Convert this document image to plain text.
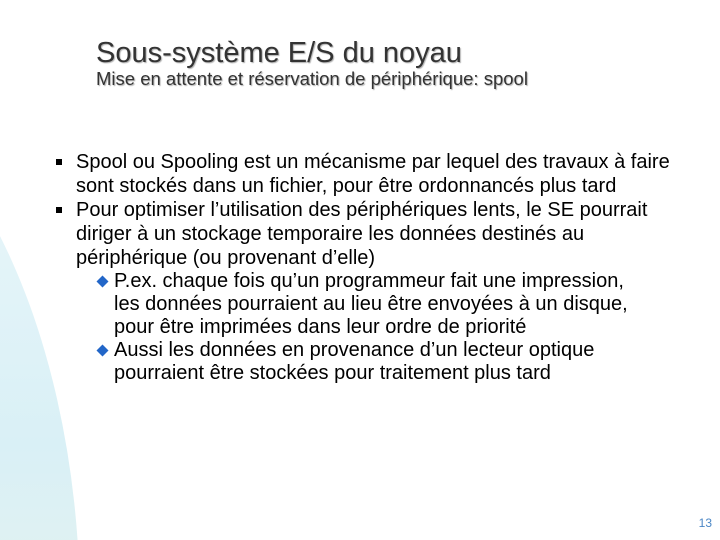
Sous-système E/S du noyau
Mise en attente et réservation de périphérique: spool
Spool ou Spooling est un mécanisme par lequel des travaux à faire sont stockés dans un fichier, pour être ordonnancés plus tard
Pour optimiser l’utilisation des périphériques lents, le SE pourrait diriger à un stockage temporaire les données destinés au périphérique (ou provenant d’elle)
P.ex. chaque fois qu’un programmeur fait une impression, les données pourraient au lieu être envoyées à un disque, pour être imprimées dans leur ordre de priorité
Aussi les données en provenance d’un lecteur optique pourraient être stockées pour traitement plus tard
13
